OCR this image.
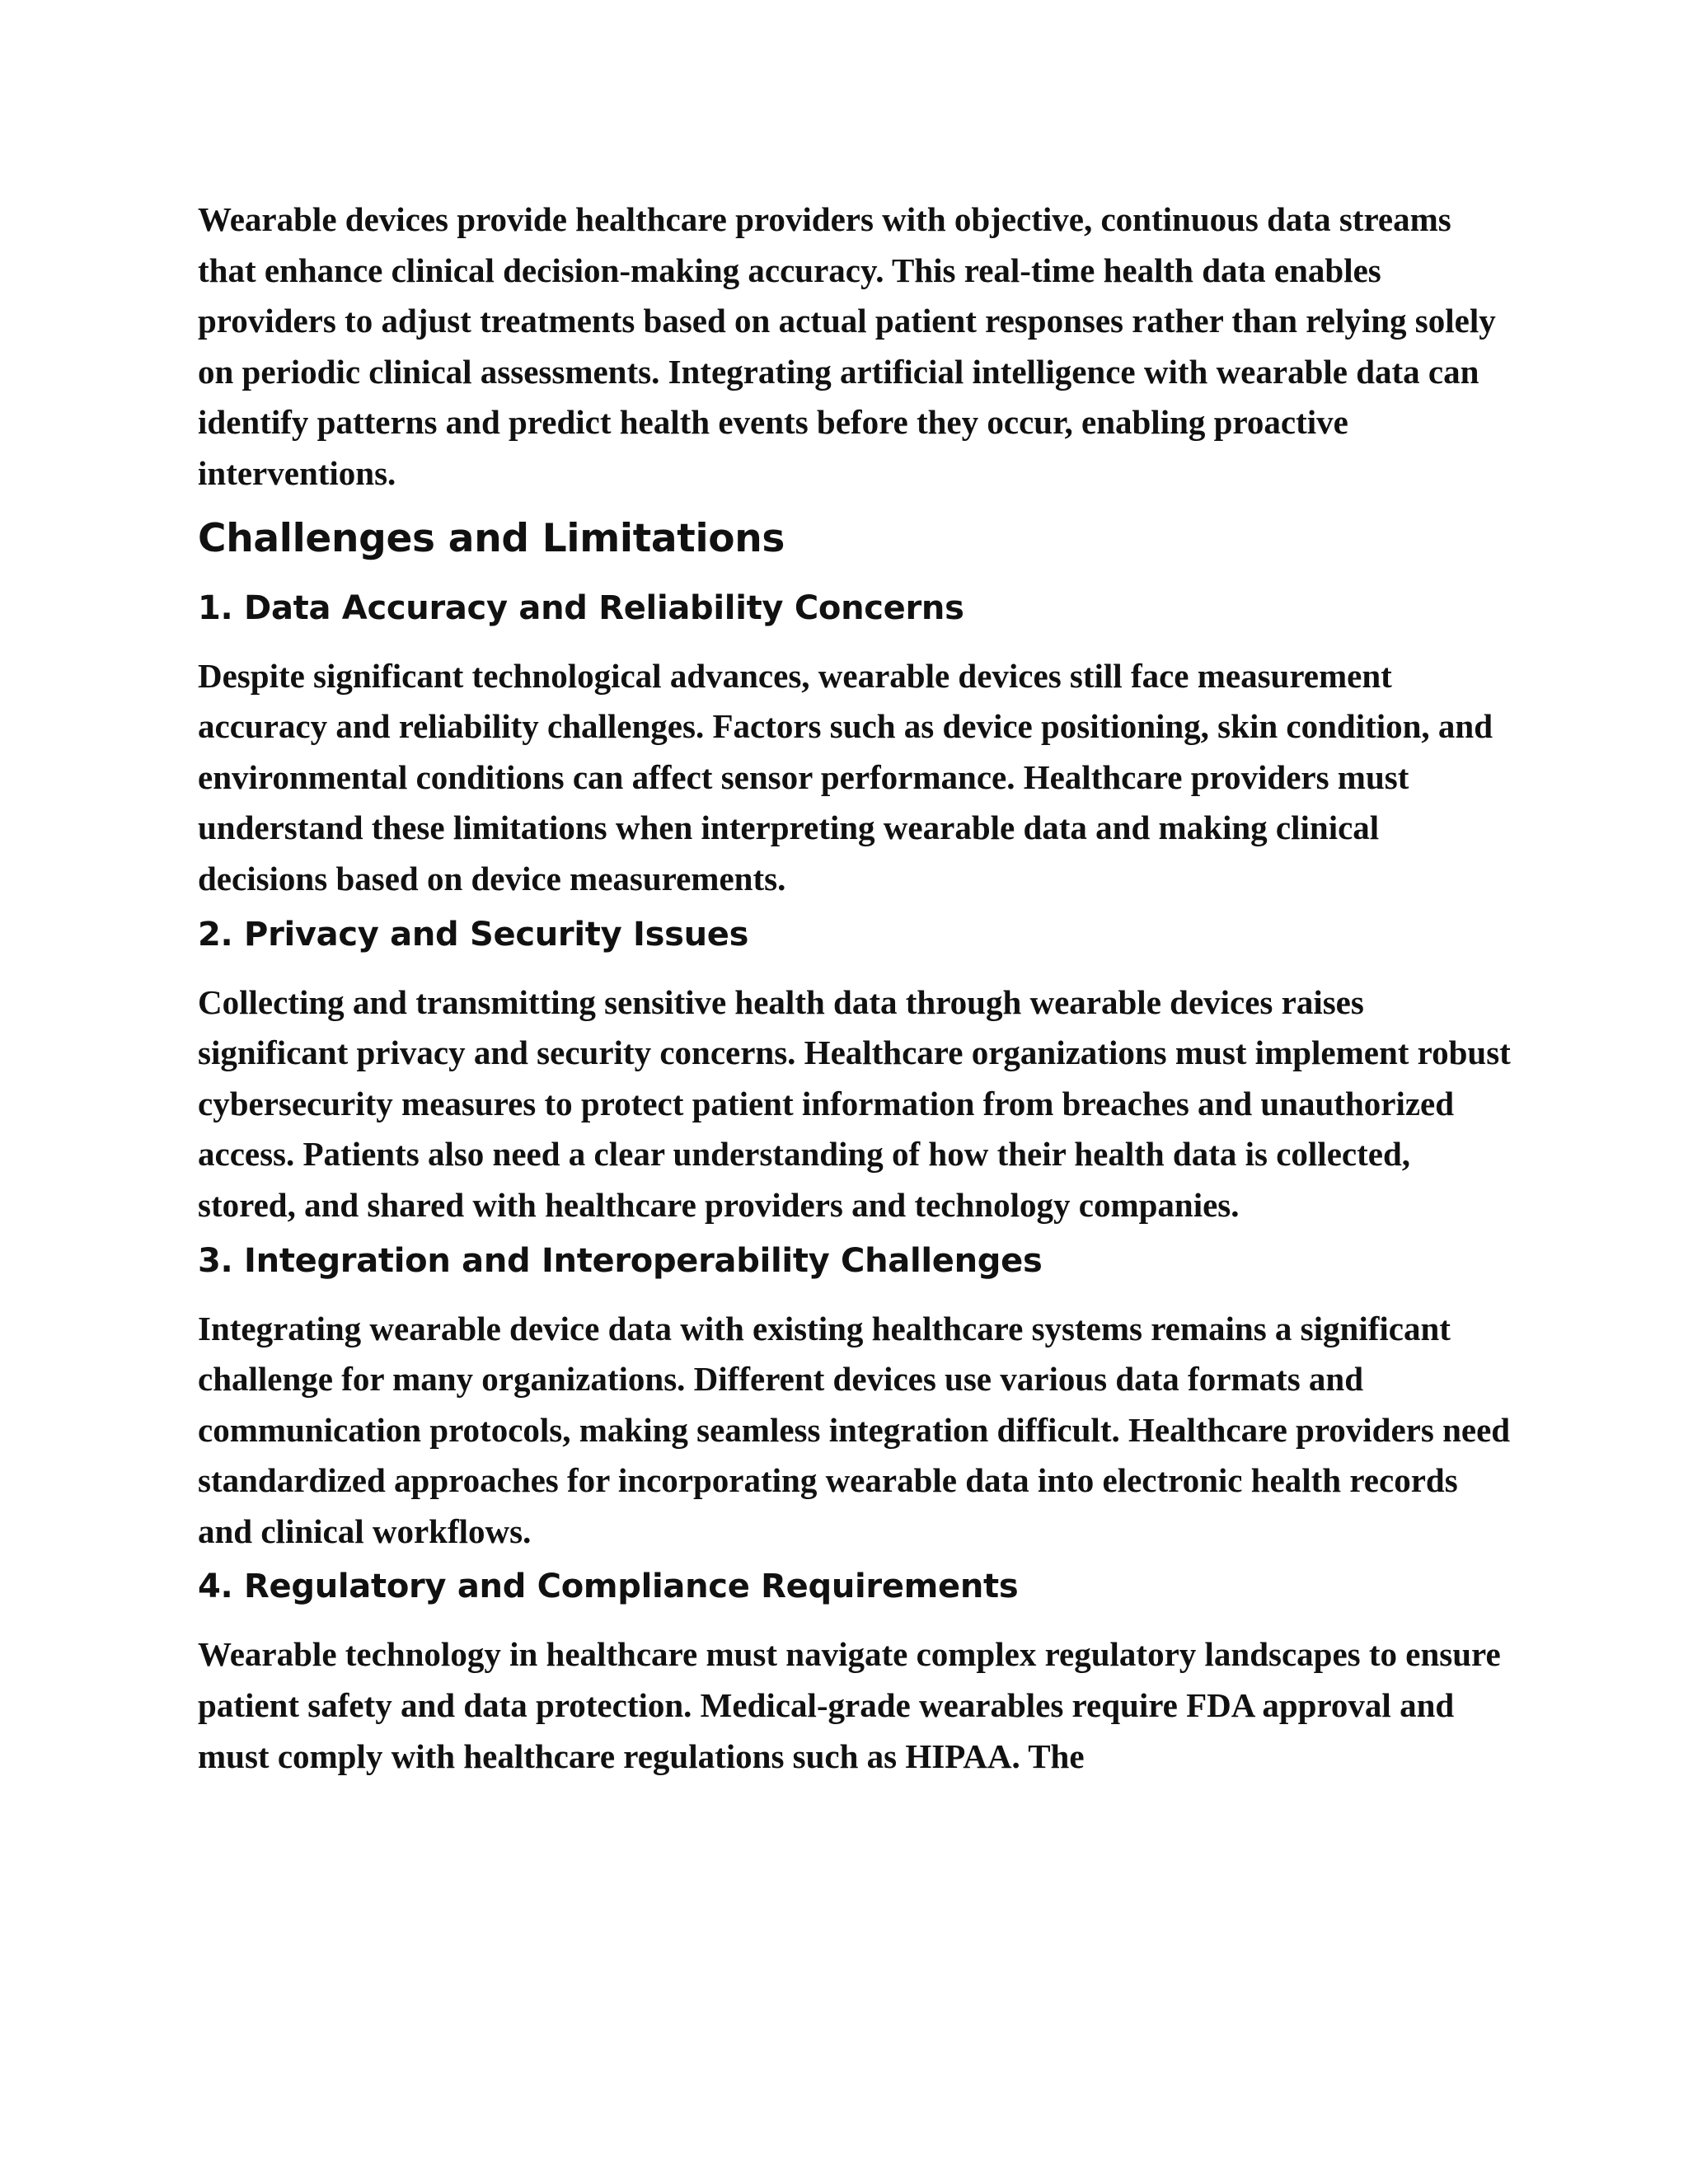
Wearable devices provide healthcare providers with objective, continuous data streams that enhance clinical decision-making accuracy. This real-time health data enables providers to adjust treatments based on actual patient responses rather than relying solely on periodic clinical assessments. Integrating artificial intelligence with wearable data can identify patterns and predict health events before they occur, enabling proactive interventions.

Challenges and Limitations
1. Data Accuracy and Reliability Concerns

Despite significant technological advances, wearable devices still face measurement accuracy and reliability challenges. Factors such as device positioning, skin condition, and environmental conditions can affect sensor performance. Healthcare providers must understand these limitations when interpreting wearable data and making clinical decisions based on device measurements.

2. Privacy and Security Issues

Collecting and transmitting sensitive health data through wearable devices raises significant privacy and security concerns. Healthcare organizations must implement robust cybersecurity measures to protect patient information from breaches and unauthorized access. Patients also need a clear understanding of how their health data is collected, stored, and shared with healthcare providers and technology companies.

3. Integration and Interoperability Challenges

Integrating wearable device data with existing healthcare systems remains a significant challenge for many organizations. Different devices use various data formats and communication protocols, making seamless integration difficult. Healthcare providers need standardized approaches for incorporating wearable data into electronic health records and clinical workflows.

4. Regulatory and Compliance Requirements

Wearable technology in healthcare must navigate complex regulatory landscapes to ensure patient safety and data protection. Medical-grade wearables require FDA approval and must comply with healthcare regulations such as HIPAA. The
